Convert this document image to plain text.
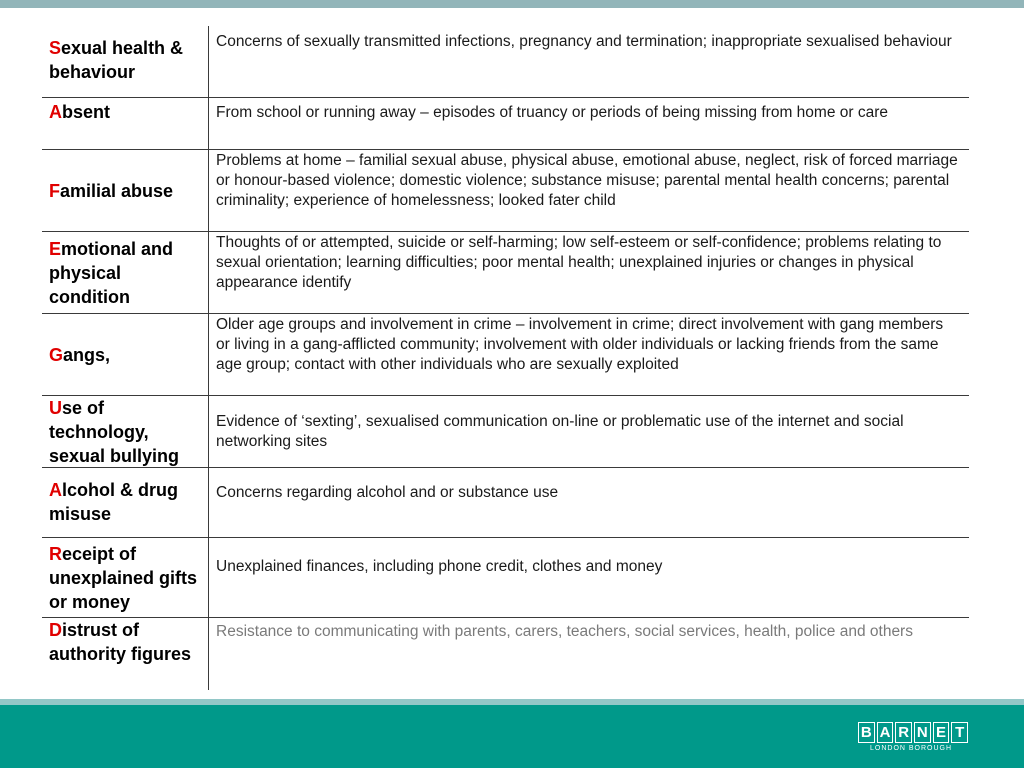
Sexual health & behaviour
Concerns of sexually transmitted infections, pregnancy and termination; inappropriate sexualised behaviour
Absent	From school or running away – episodes of truancy or periods of being missing from home or care
Familial abuse
Problems at home – familial sexual abuse, physical abuse, emotional abuse, neglect, risk of forced marriage or honour-based violence; domestic violence; substance misuse; parental mental health concerns; parental criminality; experience of homelessness; looked fater child
Emotional and physical condition
Thoughts of or attempted, suicide or self-harming; low self-esteem or self-confidence; problems relating to sexual orientation; learning difficulties; poor mental health; unexplained injuries or changes in physical appearance identify
Gangs,
Older age groups and involvement in crime – involvement in crime; direct involvement with gang members or living in a gang-afflicted community; involvement with older individuals or lacking friends from the same age group; contact with other individuals who are sexually exploited
Use of technology, sexual bullying
Evidence of ‘sexting’, sexualised communication on-line or problematic use of the internet and social networking sites
Alcohol & drug misuse
Concerns regarding alcohol and or substance use
Receipt of unexplained gifts or money
Unexplained finances, including phone credit, clothes and money
Distrust of authority figures
Resistance to communicating with parents, carers, teachers, social services, health, police and others
B A R N E T
LONDON BOROUGH
